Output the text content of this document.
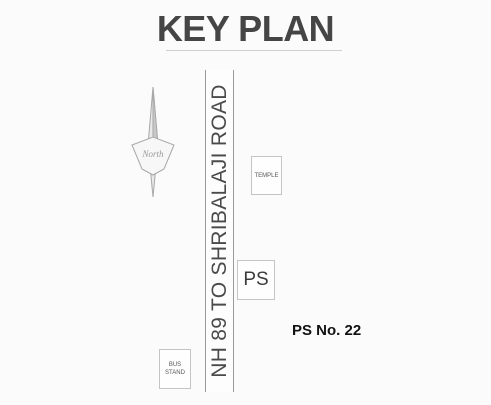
KEY PLAN
North NH 89 TO SHRIBALAJI ROAD	TEMPLE
PS
BUS
STAND
PS No. 22
